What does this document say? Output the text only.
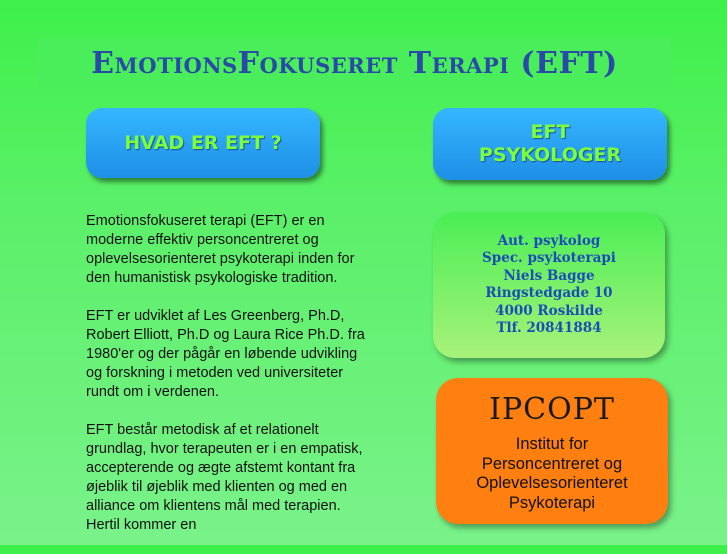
EmotionsFokuseret Terapi (EFT)
HVAD ER EFT ?	EFT
PSYKOLOGER

Emotionsfokuseret terapi (EFT) er en moderne effektiv personcentreret og oplevelsesorienteret psykoterapi inden for den humanistisk psykologiske tradition.

EFT er udviklet af Les Greenberg, Ph.D, Robert Elliott, Ph.D og Laura Rice Ph.D. fra 1980'er og der pågår en løbende udvikling og forskning i metoden ved universiteter rundt om i verdenen.

EFT består metodisk af et relationelt grundlag, hvor terapeuten er i en empatisk, accepterende og ægte afstemt kontant fra øjeblik til øjeblik med klienten og med en alliance om klientens mål med terapien. Hertil kommer en

Aut. psykolog
Spec. psykoterapi
Niels Bagge
Ringstedgade 10
4000 Roskilde
Tlf. 20841884
IPCOPT
Institut for
Personcentreret og
Oplevelsesorienteret
Psykoterapi
